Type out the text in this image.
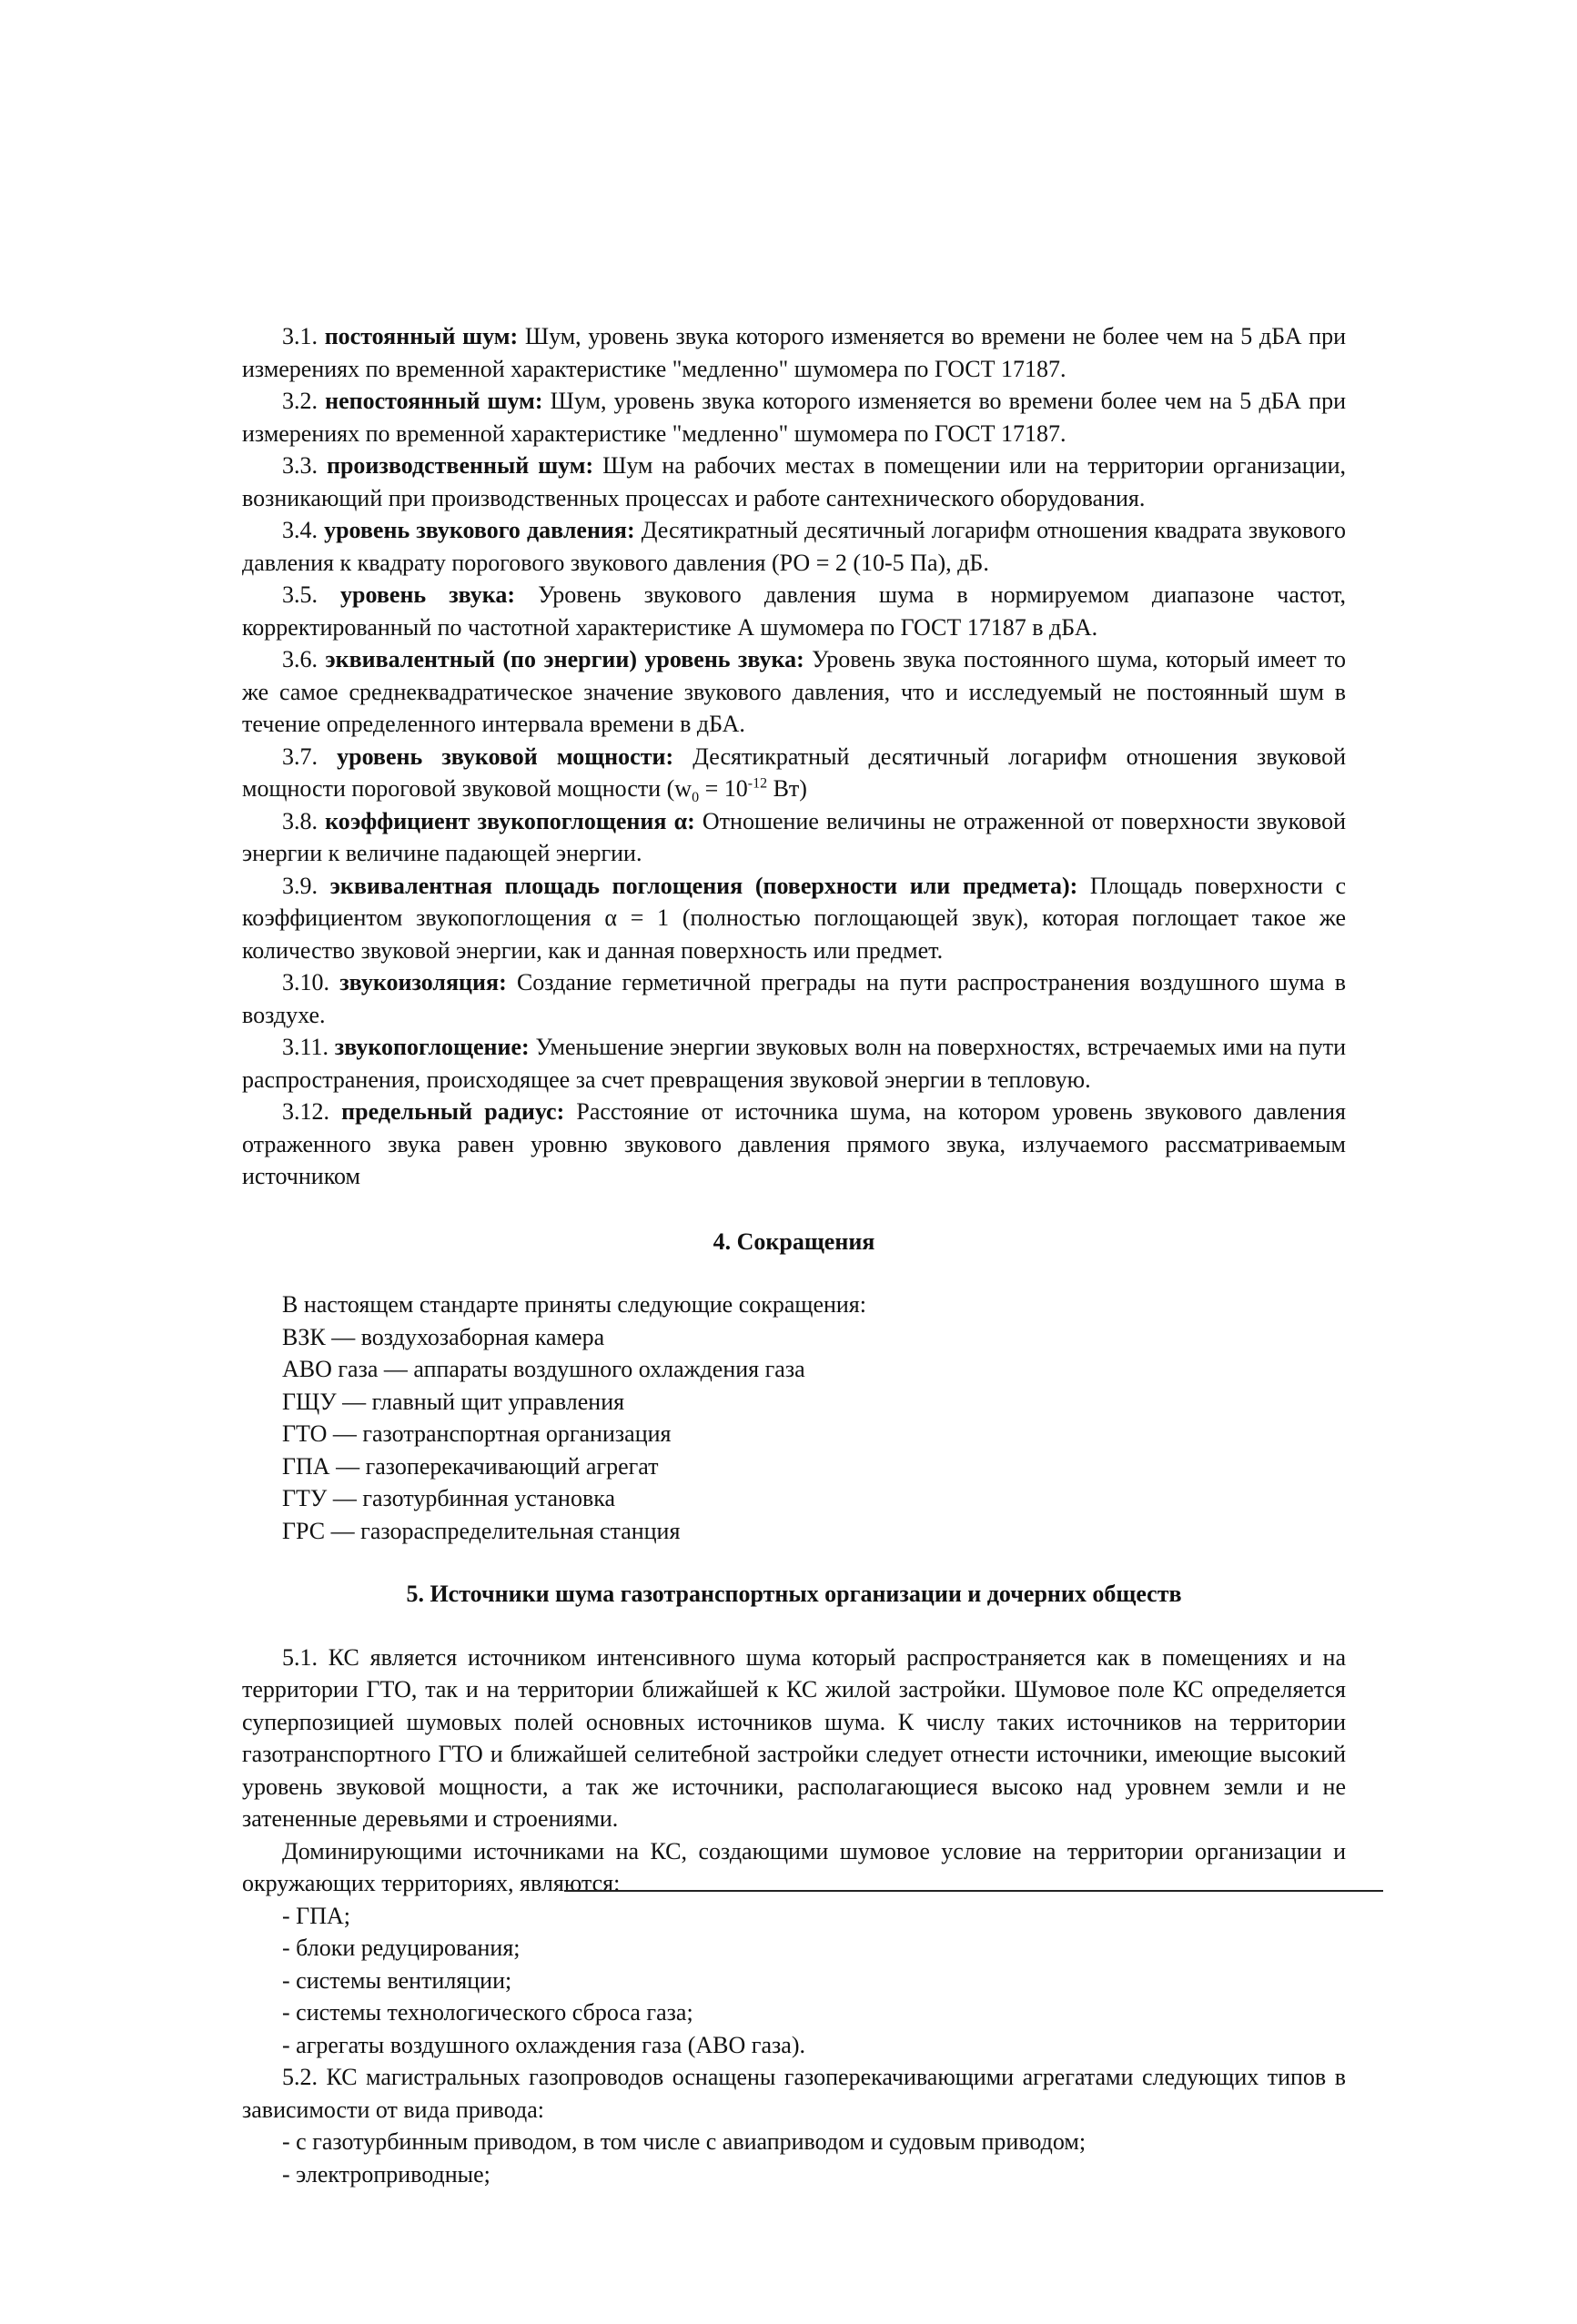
3.1. постоянный шум: Шум, уровень звука которого изменяется во времени не более чем на 5 дБА при измерениях по временной характеристике "медленно" шумомера по ГОСТ 17187.

3.2. непостоянный шум: Шум, уровень звука которого изменяется во времени более чем на 5 дБА при измерениях по временной характеристике "медленно" шумомера по ГОСТ 17187.

3.3. производственный шум: Шум на рабочих местах в помещении или на территории организации, возникающий при производственных процессах и работе сантехнического оборудования.

3.4. уровень звукового давления: Десятикратный десятичный логарифм отношения квадрата звукового давления к квадрату порогового звукового давления (РО = 2 (10-5 Па), дБ.

3.5. уровень звука: Уровень звукового давления шума в нормируемом диапазоне частот, корректированный по частотной характеристике А шумомера по ГОСТ 17187 в дБА.

3.6. эквивалентный (по энергии) уровень звука: Уровень звука постоянного шума, который имеет то же самое среднеквадратическое значение звукового давления, что и исследуемый не постоянный шум в течение определенного интервала времени в дБА.

3.7. уровень звуковой мощности: Десятикратный десятичный логарифм отношения звуковой мощности пороговой звуковой мощности ($w_0 = 10^{-12}$ Вт)

3.8. коэффициент звукопоглощения α: Отношение величины не отраженной от поверхности звуковой энергии к величине падающей энергии.

3.9. эквивалентная площадь поглощения (поверхности или предмета): Площадь поверхности с коэффициентом звукопоглощения α = 1 (полностью поглощающей звук), которая поглощает такое же количество звуковой энергии, как и данная поверхность или предмет.

3.10. звукоизоляция: Создание герметичной преграды на пути распространения воздушного шума в воздухе.

3.11. звукопоглощение: Уменьшение энергии звуковых волн на поверхностях, встречаемых ими на пути распространения, происходящее за счет превращения звуковой энергии в тепловую.

3.12. предельный радиус: Расстояние от источника шума, на котором уровень звукового давления отраженного звука равен уровню звукового давления прямого звука, излучаемого рассматриваемым источником

4. Сокращения

В настоящем стандарте приняты следующие сокращения:

ВЗК — воздухозаборная камера
АВО газа — аппараты воздушного охлаждения газа
ГЩУ — главный щит управления
ГТО — газотранспортная организация
ГПА — газоперекачивающий агрегат
ГТУ — газотурбинная установка
ГРС — газораспределительная станция

5. Источники шума газотранспортных организации и дочерних обществ

5.1. КС является источником интенсивного шума который распространяется как в помещениях и на территории ГТО, так и на территории ближайшей к КС жилой застройки. Шумовое поле КС определяется суперпозицией шумовых полей основных источников шума. К числу таких источников на территории газотранспортного ГТО и ближайшей селитебной застройки следует отнести источники, имеющие высокий уровень звуковой мощности, а так же источники, располагающиеся высоко над уровнем земли и не затененные деревьями и строениями.

Доминирующими источниками на КС, создающими шумовое условие на территории организации и окружающих территориях, являются:

- ГПА;
- блоки редуцирования;
- системы вентиляции;
- системы технологического сброса газа;
- агрегаты воздушного охлаждения газа (АВО газа).

5.2. КС магистральных газопроводов оснащены газоперекачивающими агрегатами следующих типов в зависимости от вида привода:

- с газотурбинным приводом, в том числе с авиаприводом и судовым приводом;
- электроприводные;
